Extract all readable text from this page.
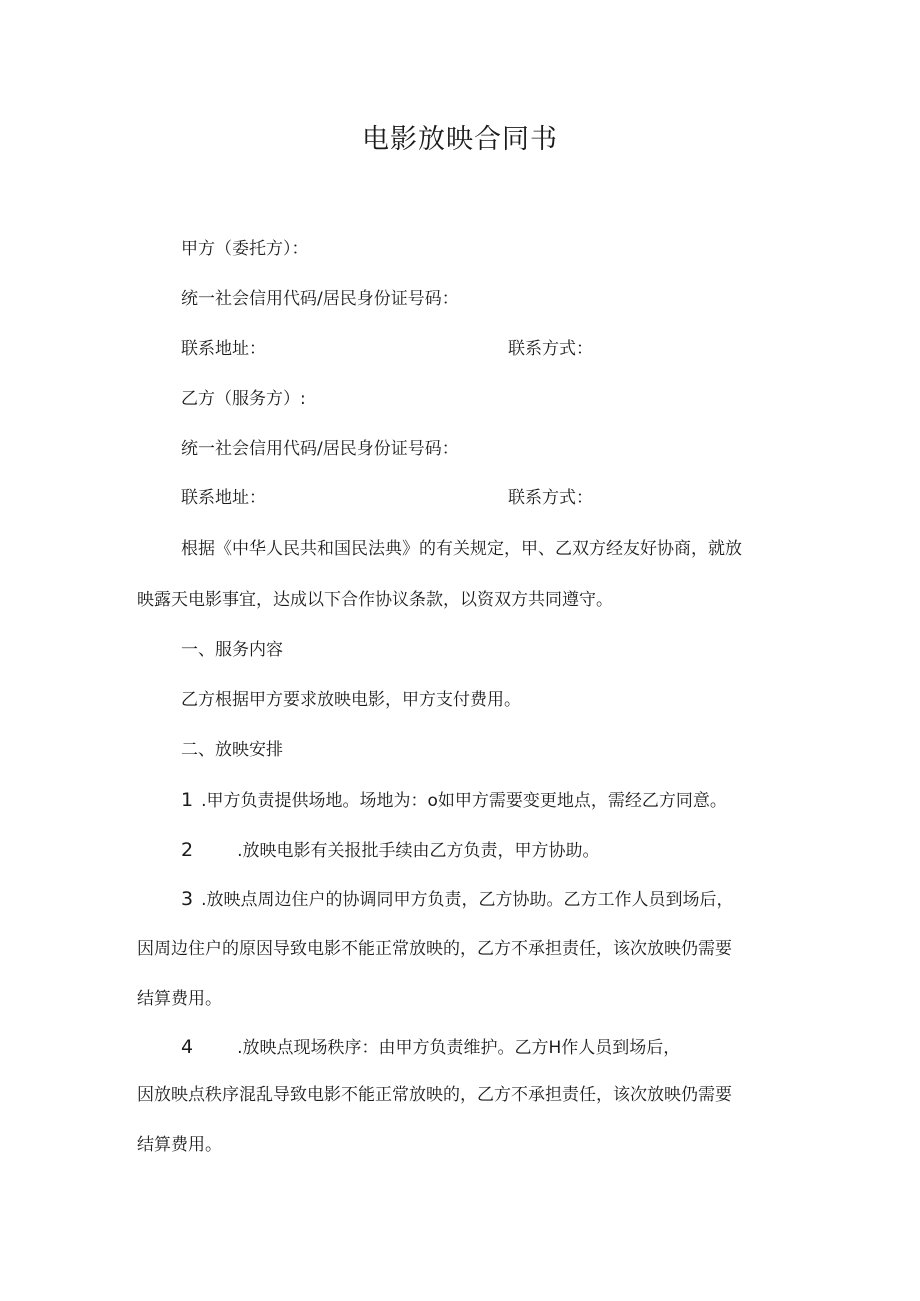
电影放映合同书
甲方（委托方）：
统一社会信用代码/居民身份证号码：
联系地址：	联系方式：
乙方（服务方）:
统一社会信用代码/居民身份证号码：
联系地址：	联系方式：
根据《中华人民共和国民法典》的有关规定，甲、乙双方经友好协商，就放
映露天电影事宜，达成以下合作协议条款，以资双方共同遵守。
一、服务内容
乙方根据甲方要求放映电影，甲方支付费用。
二、放映安排
1 .甲方负责提供场地。场地为：o如甲方需要变更地点，需经乙方同意。
2	.放映电影有关报批手续由乙方负责，甲方协助。
3 .放映点周边住户的协调同甲方负责，乙方协助。乙方工作人员到场后，
因周边住户的原因导致电影不能正常放映的，乙方不承担责任，该次放映仍需要
结算费用。
4	.放映点现场秩序：由甲方负责维护。乙方H作人员到场后，
因放映点秩序混乱导致电影不能正常放映的，乙方不承担责任，该次放映仍需要
结算费用。
